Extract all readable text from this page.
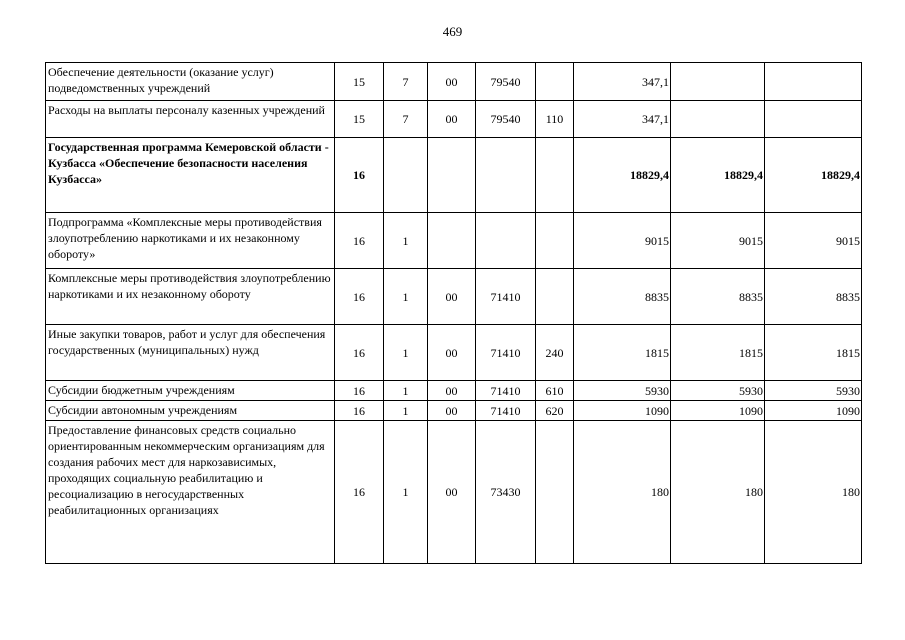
469
Обеспечение деятельности (оказание услуг) подведомственных учреждений	15	7	00	79540		347,1		
Расходы на выплаты персоналу казенных учреждений	15	7	00	79540	110	347,1		
Государственная программа Кемеровской области - Кузбасса «Обеспечение безопасности населения Кузбасса»	16					18829,4	18829,4	18829,4
Подпрограмма «Комплексные меры противодействия злоупотреблению наркотиками и их незаконному обороту»	16	1				9015	9015	9015
Комплексные меры противодействия злоупотреблению наркотиками и их незаконному обороту	16	1	00	71410		8835	8835	8835
Иные закупки товаров, работ и услуг для обеспечения государственных (муниципальных) нужд	16	1	00	71410	240	1815	1815	1815
Субсидии бюджетным учреждениям	16	1	00	71410	610	5930	5930	5930
Субсидии автономным учреждениям	16	1	00	71410	620	1090	1090	1090
Предоставление финансовых средств социально ориентированным некоммерческим организациям для создания рабочих мест для наркозависимых, проходящих социальную реабилитацию и ресоциализацию в негосударственных реабилитационных организациях	16	1	00	73430		180	180	180
